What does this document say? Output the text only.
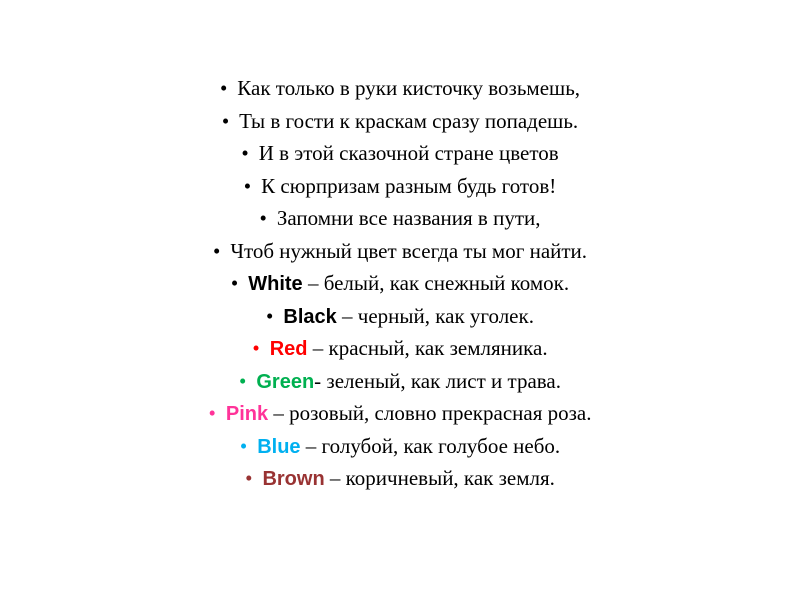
• Как только в руки кисточку возьмешь,
• Ты в гости к краскам сразу попадешь.
• И в этой сказочной стране цветов
• К сюрпризам разным будь готов!
• Запомни все названия в пути,
• Чтоб нужный цвет всегда ты мог найти.
• White – белый, как снежный комок.
• Black – черный, как уголек.
• Red – красный, как земляника.
• Green- зеленый, как лист и трава.
• Pink – розовый, словно прекрасная роза.
• Blue – голубой, как голубое небо.
• Brown – коричневый, как земля.
